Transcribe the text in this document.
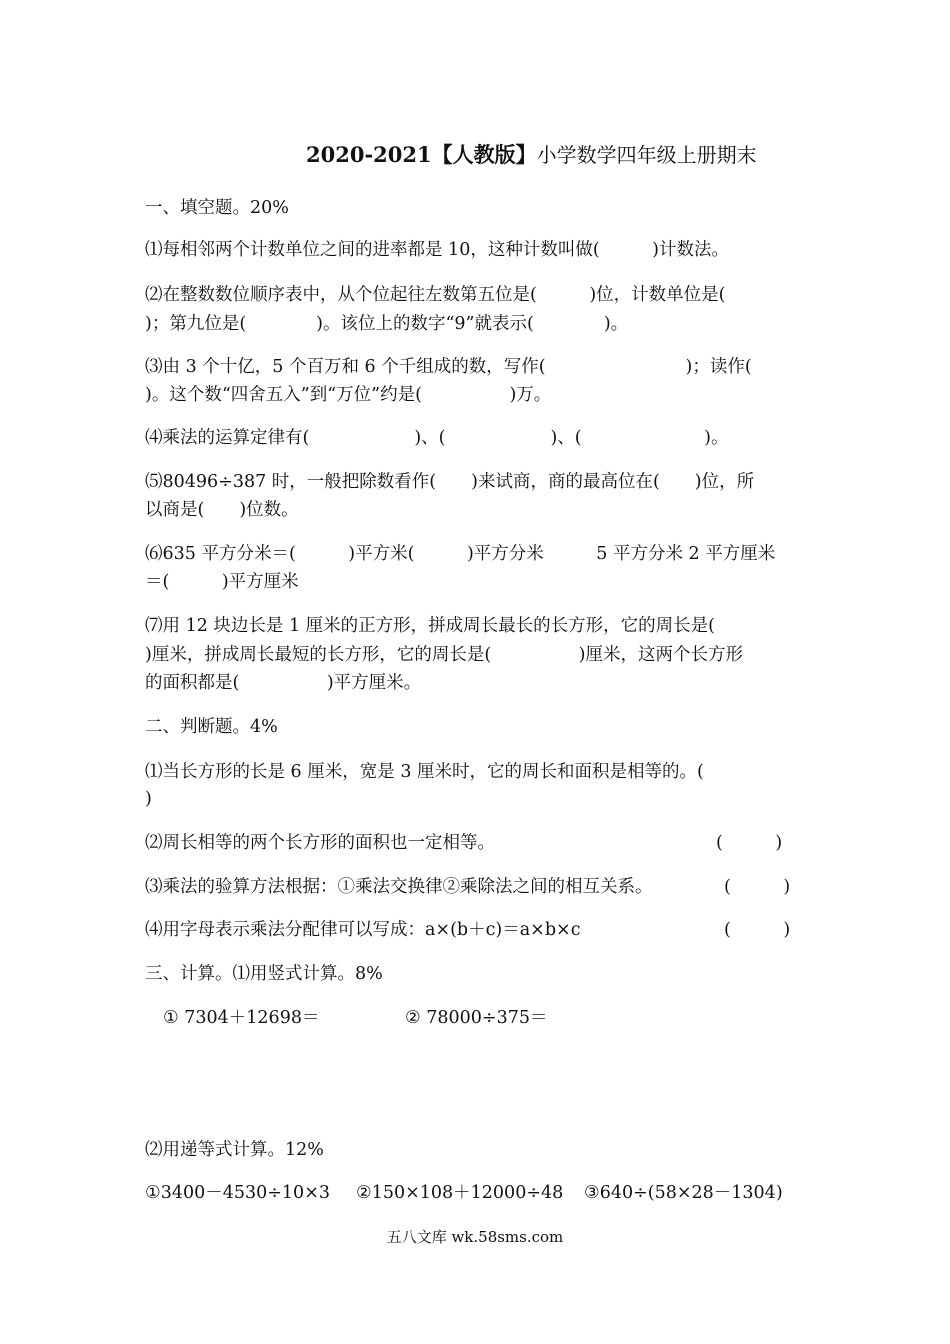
2020-2021【人教版】小学数学四年级上册期末
一、填空题。20%
⑴每相邻两个计数单位之间的进率都是 10，这种计数叫做(　　　)计数法。
⑵在整数数位顺序表中，从个位起往左数第五位是(　　　)位，计数单位是(
)；第九位是(　　　　)。该位上的数字“9”就表示(　　　　)。
⑶由 3 个十亿，5 个百万和 6 个千组成的数，写作(　　　　　　　　)；读作(
)。这个数“四舍五入”到“万位”约是(　　　　　)万。
⑷乘法的运算定律有(　　　　　　)、(　　　　　　)、(　　　　　　　)。
⑸80496÷387 时，一般把除数看作(　　)来试商，商的最高位在(　　)位，所
以商是(　　)位数。
⑹635 平方分米＝(　　　)平方米(　　　)平方分米　　　5 平方分米 2 平方厘米
＝(　　　)平方厘米
⑺用 12 块边长是 1 厘米的正方形，拼成周长最长的长方形，它的周长是(
)厘米，拼成周长最短的长方形，它的周长是(　　　　　)厘米，这两个长方形
的面积都是(　　　　　)平方厘米。
二、判断题。4%
⑴当长方形的长是 6 厘米，宽是 3 厘米时，它的周长和面积是相等的。(
)
⑵周长相等的两个长方形的面积也一定相等。	(　　　)
⑶乘法的验算方法根据：①乘法交换律②乘除法之间的相互关系。	(　　　)
⑷用字母表示乘法分配律可以写成：a×(b＋c)＝a×b×c	(　　　)
三、计算。⑴用竖式计算。8%
① 7304＋12698＝	② 78000÷375＝
⑵用递等式计算。12%
①3400－4530÷10×3 ②150×108＋12000÷48 ③640÷(58×28－1304)
五八文库 wk.58sms.com
